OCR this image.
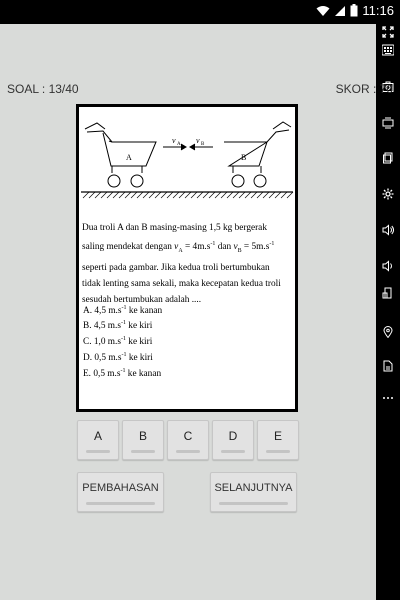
11:16
SOAL : 13/40	SKOR : 70
A	B
v A v B
Dua troli A dan B masing-masing 1,5 kg bergerak
saling mendekat dengan $v_A = 4m.s^{-1}$ dan $v_B = 5m.s^{-1}$
seperti pada gambar. Jika kedua troli bertumbukan
tidak lenting sama sekali, maka kecepatan kedua troli
sesudah bertumbukan adalah ....
A. 4,5 $m.s^{-1}$ ke kanan
B. 4,5 $m.s^{-1}$ ke kiri
C. 1,0 $m.s^{-1}$ ke kiri
D. 0,5 $m.s^{-1}$ ke kiri
E. 0,5 $m.s^{-1}$ ke kanan
A	B	C	D	E
PEMBAHASAN	SELANJUTNYA
